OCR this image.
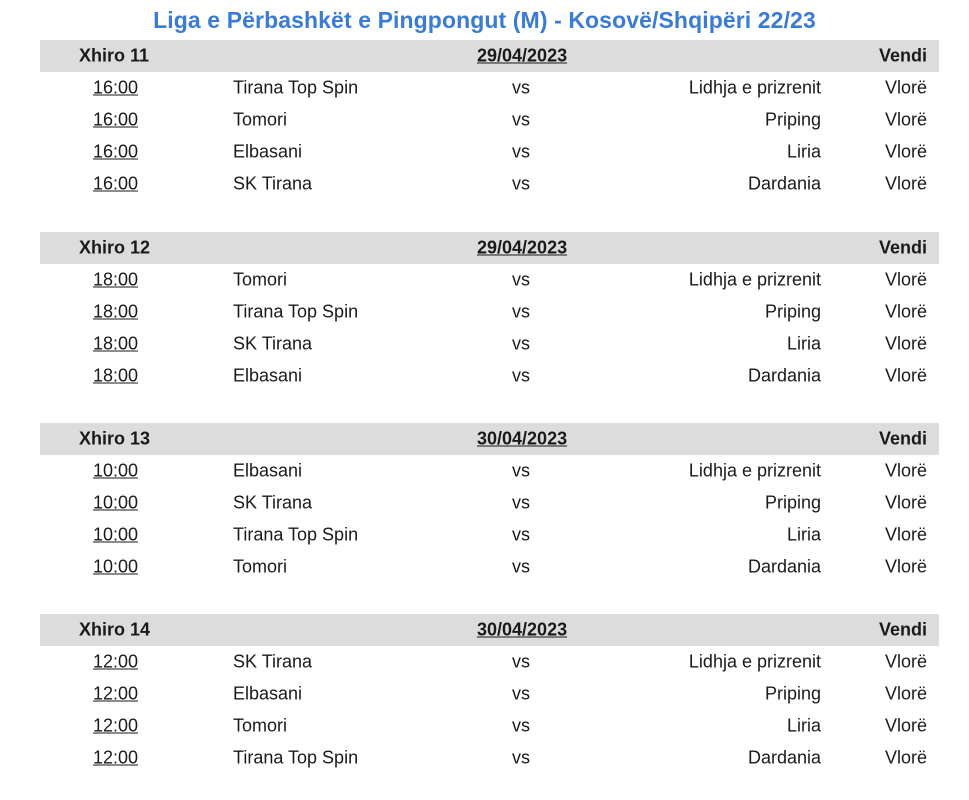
Liga e Përbashkët e Pingpongut (M) - Kosovë/Shqipëri 22/23
Xhiro 11	29/04/2023	Vendi
16:00	Tirana Top Spin	vs	Lidhja e prizrenit	Vlorë
16:00	Tomori	vs	Priping	Vlorë
16:00	Elbasani	vs	Liria	Vlorë
16:00	SK Tirana	vs	Dardania	Vlorë
Xhiro 12	29/04/2023	Vendi
18:00	Tomori	vs	Lidhja e prizrenit	Vlorë
18:00	Tirana Top Spin	vs	Priping	Vlorë
18:00	SK Tirana	vs	Liria	Vlorë
18:00	Elbasani	vs	Dardania	Vlorë
Xhiro 13	30/04/2023	Vendi
10:00	Elbasani	vs	Lidhja e prizrenit	Vlorë
10:00	SK Tirana	vs	Priping	Vlorë
10:00	Tirana Top Spin	vs	Liria	Vlorë
10:00	Tomori	vs	Dardania	Vlorë
Xhiro 14	30/04/2023	Vendi
12:00	SK Tirana	vs	Lidhja e prizrenit	Vlorë
12:00	Elbasani	vs	Priping	Vlorë
12:00	Tomori	vs	Liria	Vlorë
12:00	Tirana Top Spin	vs	Dardania	Vlorë
